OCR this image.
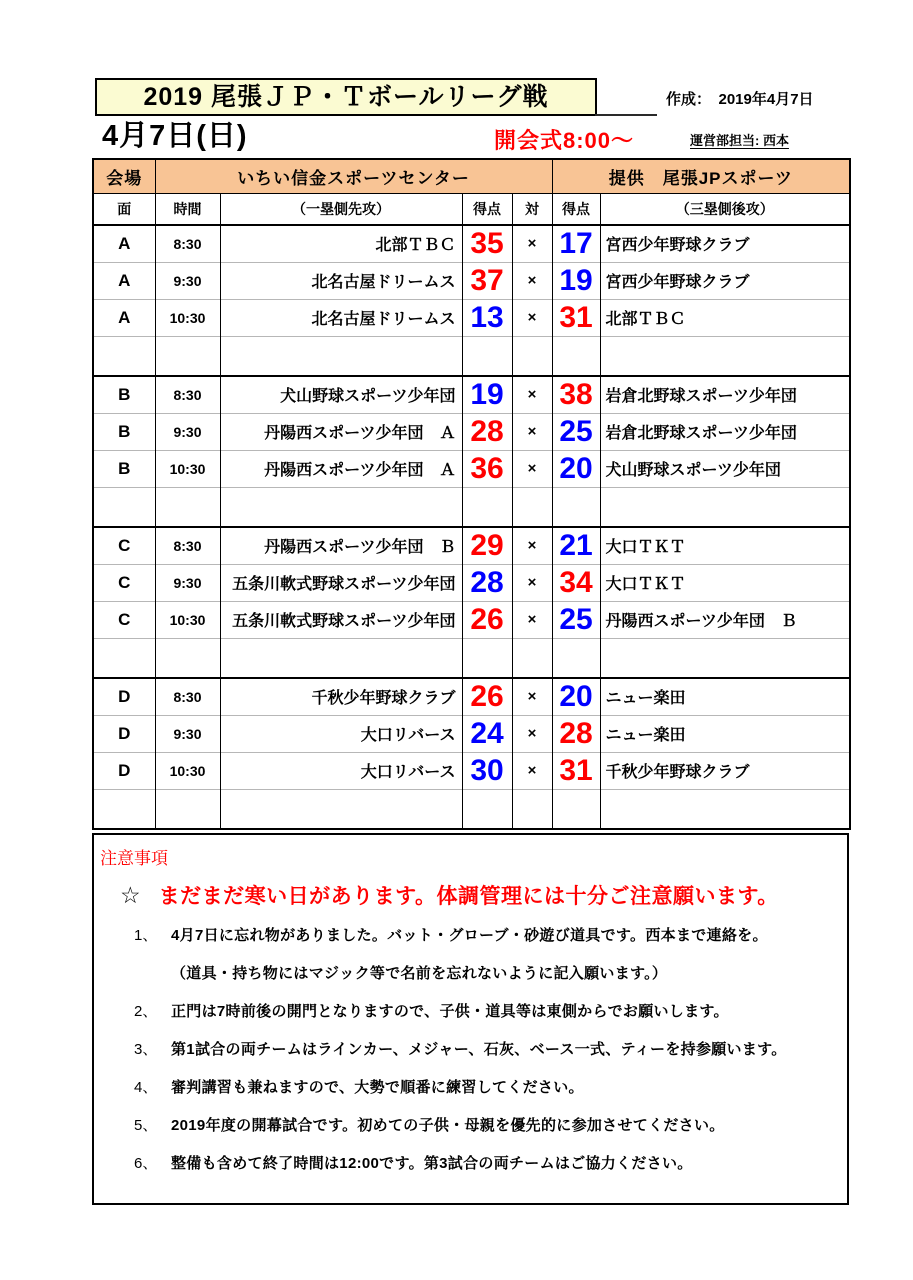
2019 尾張ＪＰ・Ｔボールリーグ戦	作成：　2019年4月7日
4月7日(日)	開会式8:00～	運営部担当: 西本
会場	いちい信金スポーツセンター				提供　尾張JPスポーツ	
面	時間	（一塁側先攻）	得点	対	得点	（三塁側後攻）
A	8:30	北部ＴＢＣ	35	×	17	宮西少年野球クラブ
A	9:30	北名古屋ドリームス	37	×	19	宮西少年野球クラブ
A	10:30	北名古屋ドリームス	13	×	31	北部ＴＢＣ

B	8:30	犬山野球スポーツ少年団	19	×	38	岩倉北野球スポーツ少年団
B	9:30	丹陽西スポーツ少年団　Ａ	28	×	25	岩倉北野球スポーツ少年団
B	10:30	丹陽西スポーツ少年団　Ａ	36	×	20	犬山野球スポーツ少年団

C	8:30	丹陽西スポーツ少年団　Ｂ	29	×	21	大口ＴＫＴ
C	9:30	五条川軟式野球スポーツ少年団	28	×	34	大口ＴＫＴ
C	10:30	五条川軟式野球スポーツ少年団	26	×	25	丹陽西スポーツ少年団　Ｂ

D	8:30	千秋少年野球クラブ	26	×	20	ニュー楽田
D	9:30	大口リバース	24	×	28	ニュー楽田
D	10:30	大口リバース	30	×	31	千秋少年野球クラブ

注意事項
☆ まだまだ寒い日があります。体調管理には十分ご注意願います。
1、 4月7日に忘れ物がありました。バット・グローブ・砂遊び道具です。西本まで連絡を。
（道具・持ち物にはマジック等で名前を忘れないように記入願います。）
2、 正門は7時前後の開門となりますので、子供・道具等は東側からでお願いします。
3、 第1試合の両チームはラインカー、メジャー、石灰、ベース一式、ティーを持参願います。
4、 審判講習も兼ねますので、大勢で順番に練習してください。
5、 2019年度の開幕試合です。初めての子供・母親を優先的に参加させてください。
6、 整備も含めて終了時間は12:00です。第3試合の両チームはご協力ください。
